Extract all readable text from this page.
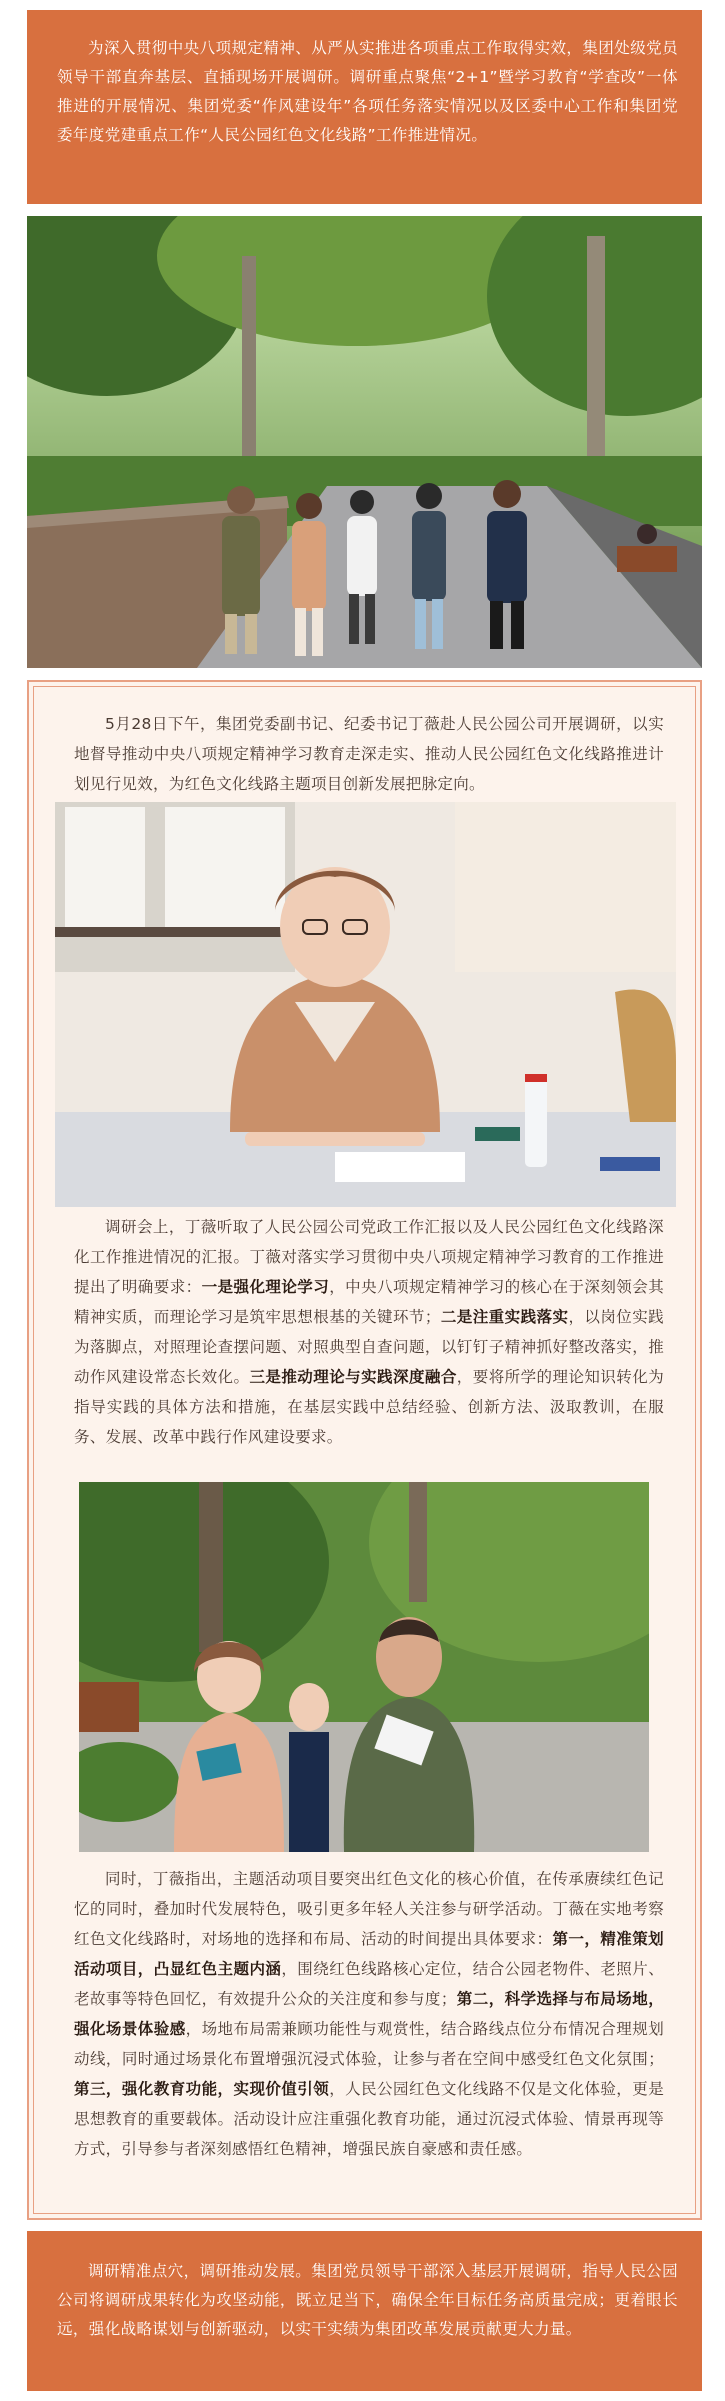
为深入贯彻中央八项规定精神、从严从实推进各项重点工作取得实效，集团处级党员领导干部直奔基层、直插现场开展调研。调研重点聚焦“2+1”暨学习教育“学查改”一体推进的开展情况、集团党委“作风建设年”各项任务落实情况以及区委中心工作和集团党委年度党建重点工作“人民公园红色文化线路”工作推进情况。

5月28日下午，集团党委副书记、纪委书记丁薇赴人民公园公司开展调研，以实地督导推动中央八项规定精神学习教育走深走实、推动人民公园红色文化线路推进计划见行见效，为红色文化线路主题项目创新发展把脉定向。

调研会上，丁薇听取了人民公园公司党政工作汇报以及人民公园红色文化线路深化工作推进情况的汇报。丁薇对落实学习贯彻中央八项规定精神学习教育的工作推进提出了明确要求：一是强化理论学习，中央八项规定精神学习的核心在于深刻领会其精神实质，而理论学习是筑牢思想根基的关键环节；二是注重实践落实，以岗位实践为落脚点，对照理论查摆问题、对照典型自查问题，以钉钉子精神抓好整改落实，推动作风建设常态长效化。三是推动理论与实践深度融合，要将所学的理论知识转化为指导实践的具体方法和措施，在基层实践中总结经验、创新方法、汲取教训，在服务、发展、改革中践行作风建设要求。

同时，丁薇指出，主题活动项目要突出红色文化的核心价值，在传承赓续红色记忆的同时，叠加时代发展特色，吸引更多年轻人关注参与研学活动。丁薇在实地考察红色文化线路时，对场地的选择和布局、活动的时间提出具体要求：第一，精准策划活动项目，凸显红色主题内涵，围绕红色线路核心定位，结合公园老物件、老照片、老故事等特色回忆，有效提升公众的关注度和参与度；第二，科学选择与布局场地，强化场景体验感，场地布局需兼顾功能性与观赏性，结合路线点位分布情况合理规划动线，同时通过场景化布置增强沉浸式体验，让参与者在空间中感受红色文化氛围；第三，强化教育功能，实现价值引领，人民公园红色文化线路不仅是文化体验，更是思想教育的重要载体。活动设计应注重强化教育功能，通过沉浸式体验、情景再现等方式，引导参与者深刻感悟红色精神，增强民族自豪感和责任感。

调研精准点穴，调研推动发展。集团党员领导干部深入基层开展调研，指导人民公园公司将调研成果转化为攻坚动能，既立足当下，确保全年目标任务高质量完成；更着眼长远，强化战略谋划与创新驱动，以实干实绩为集团改革发展贡献更大力量。
